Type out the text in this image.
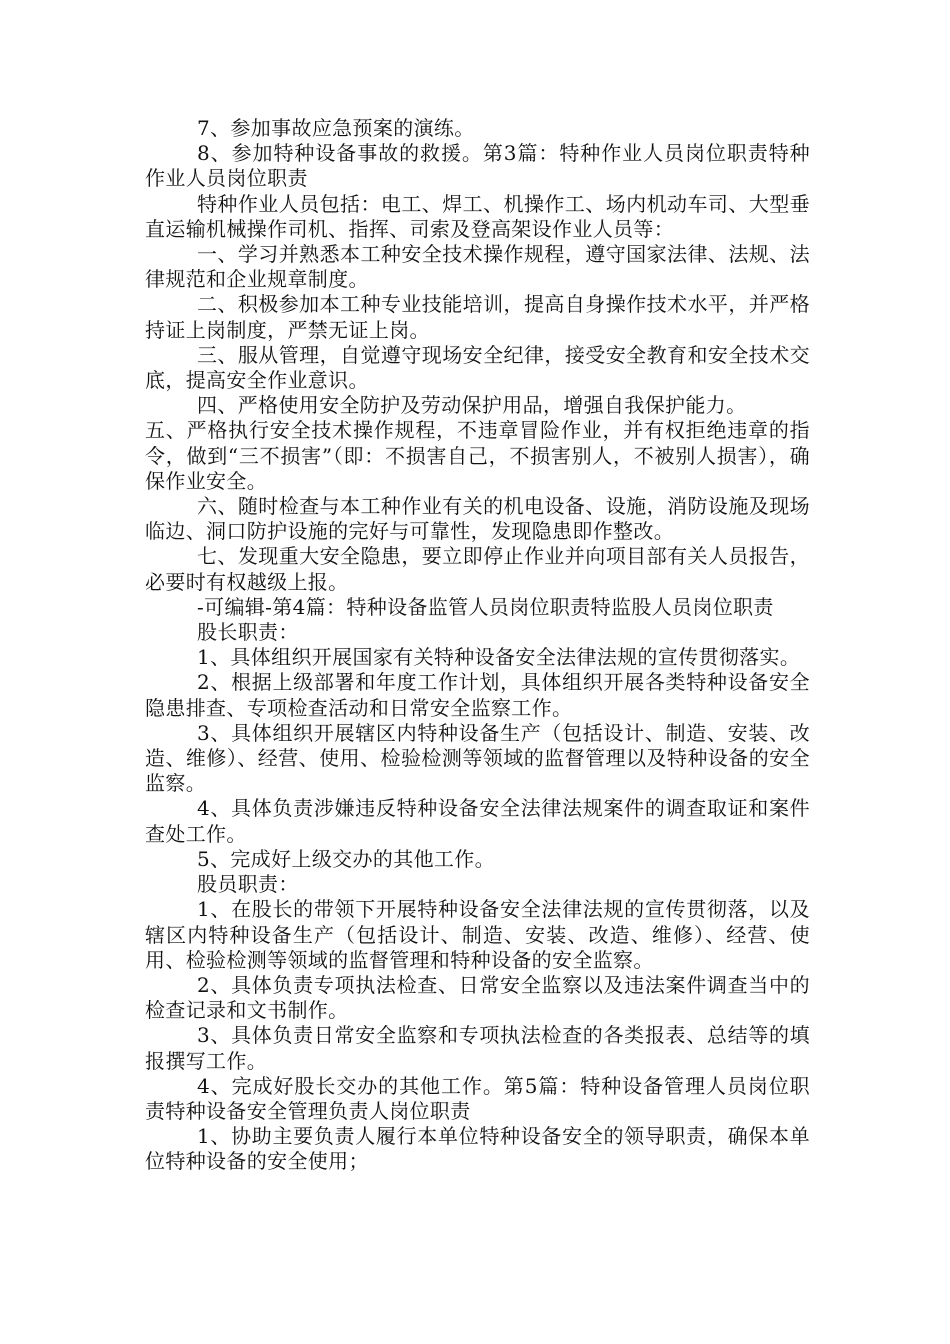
7、参加事故应急预案的演练。

8、参加特种设备事故的救援。第3篇：特种作业人员岗位职责特种作业人员岗位职责

特种作业人员包括：电工、焊工、机操作工、场内机动车司、大型垂直运输机械操作司机、指挥、司索及登高架设作业人员等：

一、学习并熟悉本工种安全技术操作规程，遵守国家法律、法规、法律规范和企业规章制度。

二、积极参加本工种专业技能培训，提高自身操作技术水平，并严格持证上岗制度，严禁无证上岗。

三、服从管理，自觉遵守现场安全纪律，接受安全教育和安全技术交底，提高安全作业意识。

四、严格使用安全防护及劳动保护用品，增强自我保护能力。

五、严格执行安全技术操作规程，不违章冒险作业，并有权拒绝违章的指令，做到“三不损害”（即：不损害自己，不损害别人，不被别人损害），确保作业安全。

六、随时检查与本工种作业有关的机电设备、设施，消防设施及现场临边、洞口防护设施的完好与可靠性，发现隐患即作整改。

七、发现重大安全隐患，要立即停止作业并向项目部有关人员报告，必要时有权越级上报。

-可编辑-第4篇：特种设备监管人员岗位职责特监股人员岗位职责

股长职责：

1、具体组织开展国家有关特种设备安全法律法规的宣传贯彻落实。

2、根据上级部署和年度工作计划，具体组织开展各类特种设备安全隐患排查、专项检查活动和日常安全监察工作。

3、具体组织开展辖区内特种设备生产（包括设计、制造、安装、改造、维修）、经营、使用、检验检测等领域的监督管理以及特种设备的安全监察。

4、具体负责涉嫌违反特种设备安全法律法规案件的调查取证和案件查处工作。

5、完成好上级交办的其他工作。

股员职责：

1、在股长的带领下开展特种设备安全法律法规的宣传贯彻落，以及辖区内特种设备生产（包括设计、制造、安装、改造、维修）、经营、使用、检验检测等领域的监督管理和特种设备的安全监察。

2、具体负责专项执法检查、日常安全监察以及违法案件调查当中的检查记录和文书制作。

3、具体负责日常安全监察和专项执法检查的各类报表、总结等的填报撰写工作。

4、完成好股长交办的其他工作。第5篇：特种设备管理人员岗位职责特种设备安全管理负责人岗位职责

1、协助主要负责人履行本单位特种设备安全的领导职责，确保本单位特种设备的安全使用；
